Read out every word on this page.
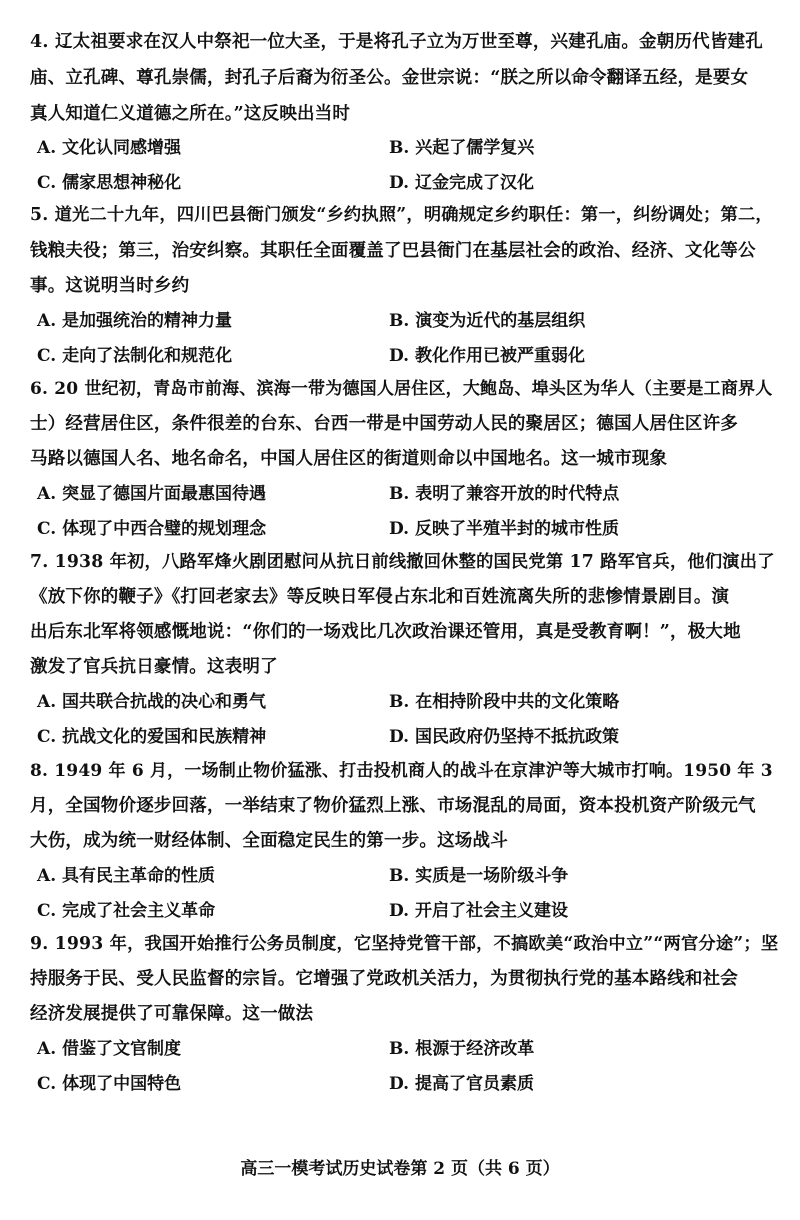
4. 辽太祖要求在汉人中祭祀一位大圣，于是将孔子立为万世至尊，兴建孔庙。金朝历代皆建孔
庙、立孔碑、尊孔崇儒，封孔子后裔为衍圣公。金世宗说：“朕之所以命令翻译五经，是要女
真人知道仁义道德之所在。”这反映出当时
A. 文化认同感增强	B. 兴起了儒学复兴
C. 儒家思想神秘化	D. 辽金完成了汉化
5. 道光二十九年，四川巴县衙门颁发“乡约执照”，明确规定乡约职任：第一，纠纷调处；第二，
钱粮夫役；第三，治安纠察。其职任全面覆盖了巴县衙门在基层社会的政治、经济、文化等公
事。这说明当时乡约
A. 是加强统治的精神力量	B. 演变为近代的基层组织
C. 走向了法制化和规范化	D. 教化作用已被严重弱化
6. 20 世纪初，青岛市前海、滨海一带为德国人居住区，大鲍岛、埠头区为华人（主要是工商界人
士）经营居住区，条件很差的台东、台西一带是中国劳动人民的聚居区；德国人居住区许多
马路以德国人名、地名命名，中国人居住区的街道则命以中国地名。这一城市现象
A. 突显了德国片面最惠国待遇	B. 表明了兼容开放的时代特点
C. 体现了中西合璧的规划理念	D. 反映了半殖半封的城市性质
7. 1938 年初，八路军烽火剧团慰问从抗日前线撤回休整的国民党第 17 路军官兵，他们演出了
《放下你的鞭子》《打回老家去》等反映日军侵占东北和百姓流离失所的悲惨情景剧目。演
出后东北军将领感慨地说：“你们的一场戏比几次政治课还管用，真是受教育啊！”，极大地
激发了官兵抗日豪情。这表明了
A. 国共联合抗战的决心和勇气	B. 在相持阶段中共的文化策略
C. 抗战文化的爱国和民族精神	D. 国民政府仍坚持不抵抗政策
8. 1949 年 6 月，一场制止物价猛涨、打击投机商人的战斗在京津沪等大城市打响。1950 年 3
月，全国物价逐步回落，一举结束了物价猛烈上涨、市场混乱的局面，资本投机资产阶级元气
大伤，成为统一财经体制、全面稳定民生的第一步。这场战斗
A. 具有民主革命的性质	B. 实质是一场阶级斗争
C. 完成了社会主义革命	D. 开启了社会主义建设
9. 1993 年，我国开始推行公务员制度，它坚持党管干部，不搞欧美“政治中立”“两官分途”；坚
持服务于民、受人民监督的宗旨。它增强了党政机关活力，为贯彻执行党的基本路线和社会
经济发展提供了可靠保障。这一做法
A. 借鉴了文官制度	B. 根源于经济改革
C. 体现了中国特色	D. 提高了官员素质
高三一模考试历史试卷第 2 页（共 6 页）
